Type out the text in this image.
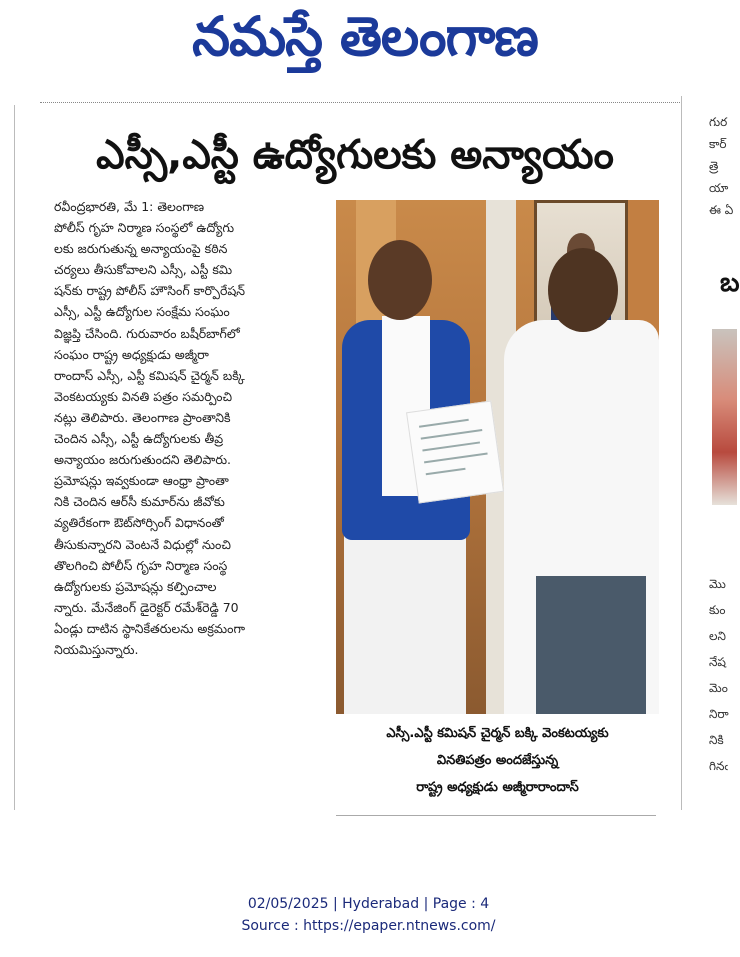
నమస్తే తెలంగాణ
ఎస్సీ,ఎస్టీ ఉద్యోగులకు అన్యాయం

రవీంద్రభారతి, మే 1: తెలంగాణ

పోలీస్ గృహ నిర్మాణ సంస్థలో ఉద్యోగు

లకు జరుగుతున్న అన్యాయంపై కఠిన

చర్యలు తీసుకోవాలని ఎస్సీ, ఎస్టీ కమి

షన్‌కు రాష్ట్ర పోలీస్ హౌసింగ్ కార్పొరేషన్

ఎస్సీ, ఎస్టీ ఉద్యోగుల సంక్షేమ సంఘం

విజ్ఞప్తి చేసింది. గురువారం బషీర్‌బాగ్‌లో

సంఘం రాష్ట్ర అధ్యక్షుడు అజ్మీరా

రాందాస్ ఎస్సీ, ఎస్టీ కమిషన్ చైర్మన్ బక్కి

వెంకటయ్యకు వినతి పత్రం సమర్పించి

నట్లు తెలిపారు. తెలంగాణ ప్రాంతానికి

చెందిన ఎస్సీ, ఎస్టీ ఉద్యోగులకు తీవ్ర

అన్యాయం జరుగుతుందని తెలిపారు.

ప్రమోషన్లు ఇవ్వకుండా ఆంధ్రా ప్రాంతా

నికి చెందిన ఆర్‌సీ కుమార్‌ను జీవోకు

వ్యతిరేకంగా ఔట్‌సోర్సింగ్ విధానంతో

తీసుకున్నారని వెంటనే విధుల్లో నుంచి

తొలగించి పోలీస్ గృహ నిర్మాణ సంస్థ

ఉద్యోగులకు ప్రమోషన్లు కల్పించాల

న్నారు. మేనేజింగ్ డైరెక్టర్ రమేశ్‌రెడ్డి 70

ఏండ్లు దాటిన స్థానికేతరులను అక్రమంగా

నియమిస్తున్నారు.

ఎస్సీ.ఎస్టీ కమిషన్ చైర్మన్ బక్కి వెంకటయ్యకు
వినతిపత్రం అందజేస్తున్న
రాష్ట్ర అధ్యక్షుడు అజ్మీరారాందాస్
బ
గుర
కార్
త్రె
యా
ఈ ఏ
మొ
కుం
లని
నేష
మెం
నిరా
నికి
గినఁ
02/05/2025 | Hyderabad | Page : 4
Source : https://epaper.ntnews.com/
